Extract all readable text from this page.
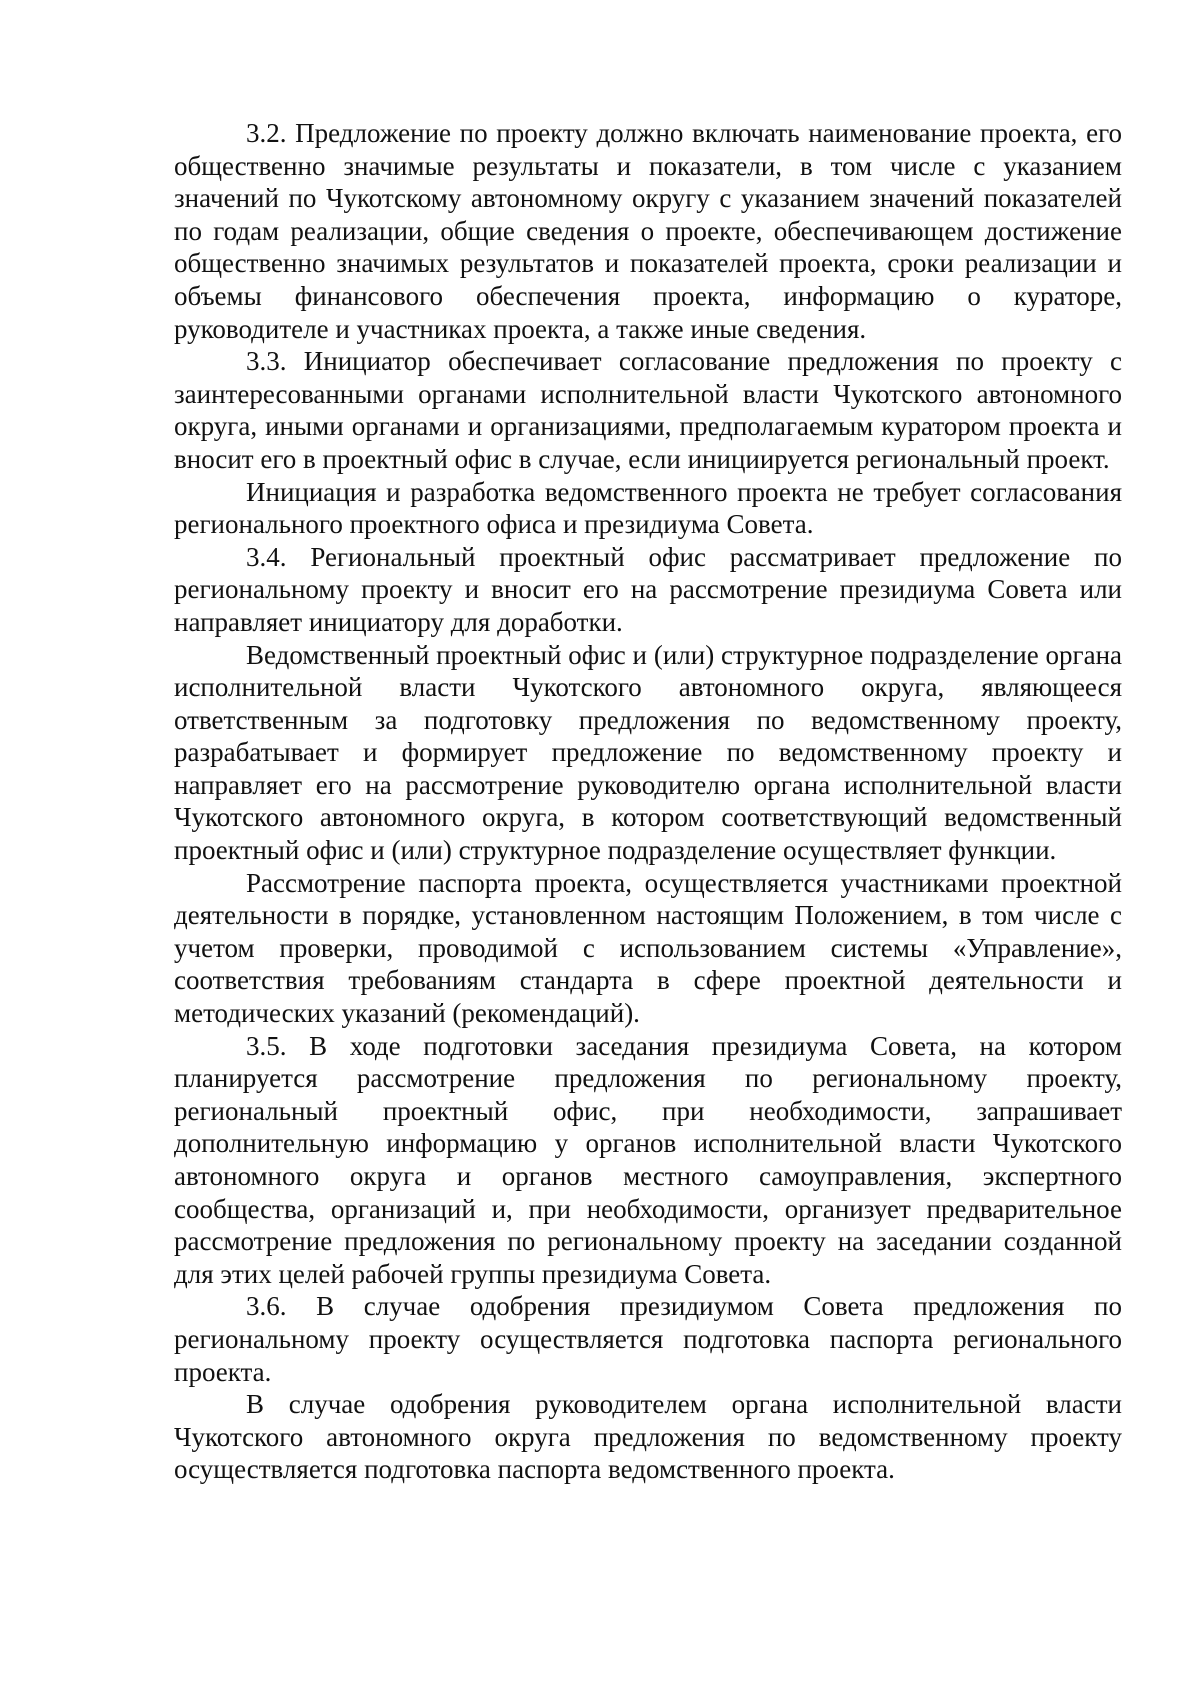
3.2. Предложение по проекту должно включать наименование проекта, его общественно значимые результаты и показатели, в том числе с указанием значений по Чукотскому автономному округу с указанием значений показателей по годам реализации, общие сведения о проекте, обеспечивающем достижение общественно значимых результатов и показателей проекта, сроки реализации и объемы финансового обеспечения проекта, информацию о кураторе, руководителе и участниках проекта, а также иные сведения.

3.3. Инициатор обеспечивает согласование предложения по проекту с заинтересованными органами исполнительной власти Чукотского автономного округа, иными органами и организациями, предполагаемым куратором проекта и вносит его в проектный офис в случае, если инициируется региональный проект.

Инициация и разработка ведомственного проекта не требует согласования регионального проектного офиса и президиума Совета.

3.4. Региональный проектный офис рассматривает предложение по региональному проекту и вносит его на рассмотрение президиума Совета или направляет инициатору для доработки.

Ведомственный проектный офис и (или) структурное подразделение органа исполнительной власти Чукотского автономного округа, являющееся ответственным за подготовку предложения по ведомственному проекту, разрабатывает и формирует предложение по ведомственному проекту и направляет его на рассмотрение руководителю органа исполнительной власти Чукотского автономного округа, в котором соответствующий ведомственный проектный офис и (или) структурное подразделение осуществляет функции.

Рассмотрение паспорта проекта, осуществляется участниками проектной деятельности в порядке, установленном настоящим Положением, в том числе с учетом проверки, проводимой с использованием системы «Управление», соответствия требованиям стандарта в сфере проектной деятельности и методических указаний (рекомендаций).

3.5. В ходе подготовки заседания президиума Совета, на котором планируется рассмотрение предложения по региональному проекту, региональный проектный офис, при необходимости, запрашивает дополнительную информацию у органов исполнительной власти Чукотского автономного округа и органов местного самоуправления, экспертного сообщества, организаций и, при необходимости, организует предварительное рассмотрение предложения по региональному проекту на заседании созданной для этих целей рабочей группы президиума Совета.

3.6. В случае одобрения президиумом Совета предложения по региональному проекту осуществляется подготовка паспорта регионального проекта.

В случае одобрения руководителем органа исполнительной власти Чукотского автономного округа предложения по ведомственному проекту осуществляется подготовка паспорта ведомственного проекта.
